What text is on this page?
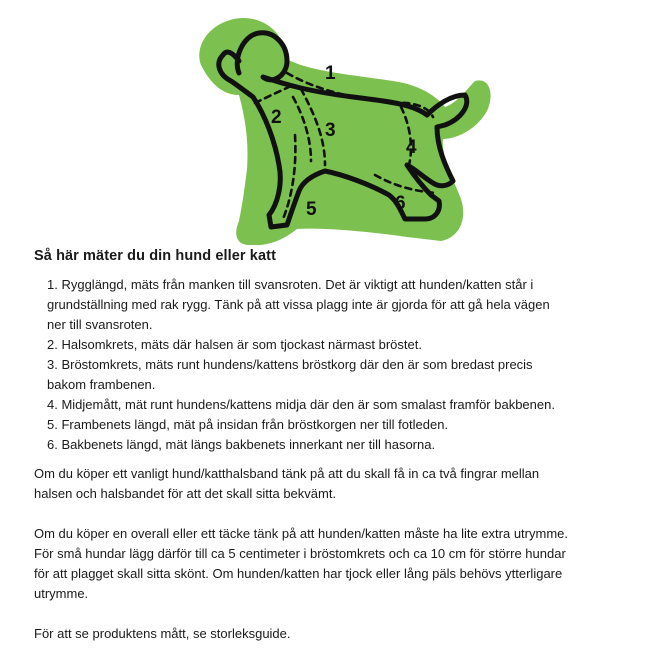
1
2
3
4
5	6
Så här mäter du din hund eller katt
1. Rygglängd, mäts från manken till svansroten. Det är viktigt att hunden/katten står i
grundställning med rak rygg. Tänk på att vissa plagg inte är gjorda för att gå hela vägen
ner till svansroten.
2. Halsomkrets, mäts där halsen är som tjockast närmast bröstet.
3. Bröstomkrets, mäts runt hundens/kattens bröstkorg där den är som bredast precis
bakom frambenen.
4. Midjemått, mät runt hundens/kattens midja där den är som smalast framför bakbenen.
5. Frambenets längd, mät på insidan från bröstkorgen ner till fotleden.
6. Bakbenets längd, mät längs bakbenets innerkant ner till hasorna.

Om du köper ett vanligt hund/katthalsband tänk på att du skall få in ca två fingrar mellan

halsen och halsbandet för att det skall sitta bekvämt.

Om du köper en overall eller ett täcke tänk på att hunden/katten måste ha lite extra utrymme.

För små hundar lägg därför till ca 5 centimeter i bröstomkrets och ca 10 cm för större hundar

för att plagget skall sitta skönt. Om hunden/katten har tjock eller lång päls behövs ytterligare

utrymme.

För att se produktens mått, se storleksguide.
